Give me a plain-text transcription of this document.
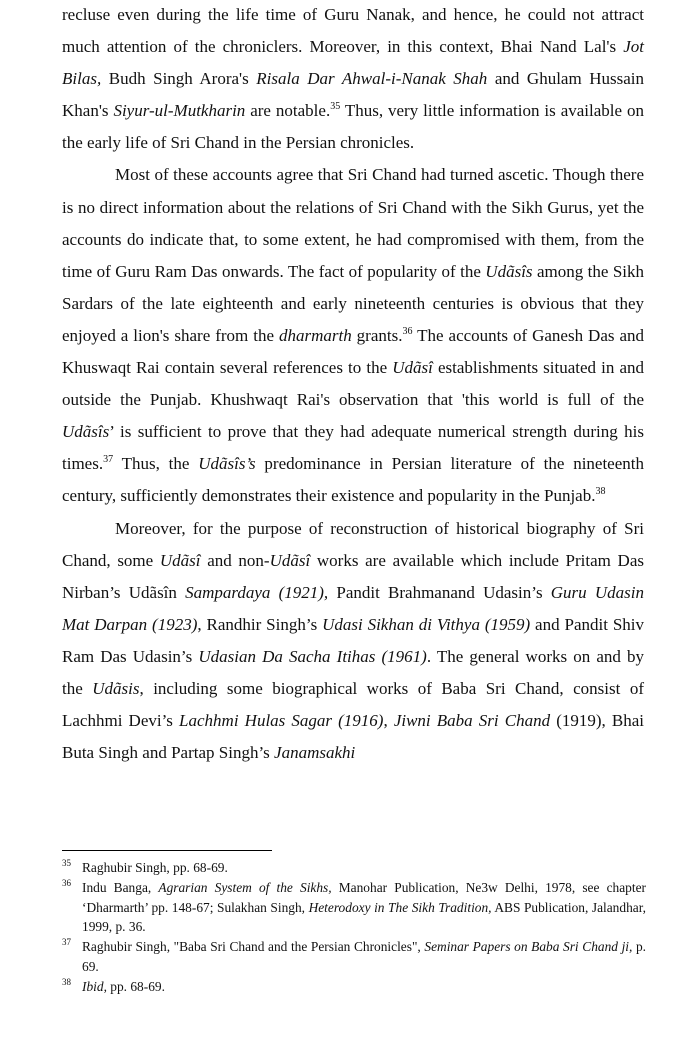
recluse even during the life time of Guru Nanak, and hence, he could not attract much attention of the chroniclers. Moreover, in this context, Bhai Nand Lal's Jot Bilas, Budh Singh Arora's Risala Dar Ahwal-i-Nanak Shah and Ghulam Hussain Khan's Siyur-ul-Mutkharin are notable.$^{35}$ Thus, very little information is available on the early life of Sri Chand in the Persian chronicles.

Most of these accounts agree that Sri Chand had turned ascetic. Though there is no direct information about the relations of Sri Chand with the Sikh Gurus, yet the accounts do indicate that, to some extent, he had compromised with them, from the time of Guru Ram Das onwards. The fact of popularity of the Udãsîs among the Sikh Sardars of the late eighteenth and early nineteenth centuries is obvious that they enjoyed a lion's share from the dharmarth grants.$^{36}$ The accounts of Ganesh Das and Khuswaqt Rai contain several references to the Udãsî establishments situated in and outside the Punjab. Khushwaqt Rai's observation that 'this world is full of the Udãsîs’ is sufficient to prove that they had adequate numerical strength during his times.$^{37}$ Thus, the Udãsîs’s predominance in Persian literature of the nineteenth century, sufficiently demonstrates their existence and popularity in the Punjab.$^{38}$

Moreover, for the purpose of reconstruction of historical biography of Sri Chand, some Udãsî and non-Udãsî works are available which include Pritam Das Nirban’s Udãsîn Sampardaya (1921), Pandit Brahmanand Udasin’s Guru Udasin Mat Darpan (1923), Randhir Singh’s Udasi Sikhan di Vithya (1959) and Pandit Shiv Ram Das Udasin’s Udasian Da Sacha Itihas (1961). The general works on and by the Udãsis, including some biographical works of Baba Sri Chand, consist of Lachhmi Devi’s Lachhmi Hulas Sagar (1916), Jiwni Baba Sri Chand (1919), Bhai Buta Singh and Partap Singh’s Janamsakhi

35 Raghubir Singh, pp. 68-69.
36 Indu Banga, Agrarian System of the Sikhs, Manohar Publication, Ne3w Delhi, 1978, see chapter ‘Dharmarth’ pp. 148-67; Sulakhan Singh, Heterodoxy in The Sikh Tradition, ABS Publication, Jalandhar, 1999, p. 36.
37 Raghubir Singh, "Baba Sri Chand and the Persian Chronicles", Seminar Papers on Baba Sri Chand ji, p. 69.
38 Ibid, pp. 68-69.
